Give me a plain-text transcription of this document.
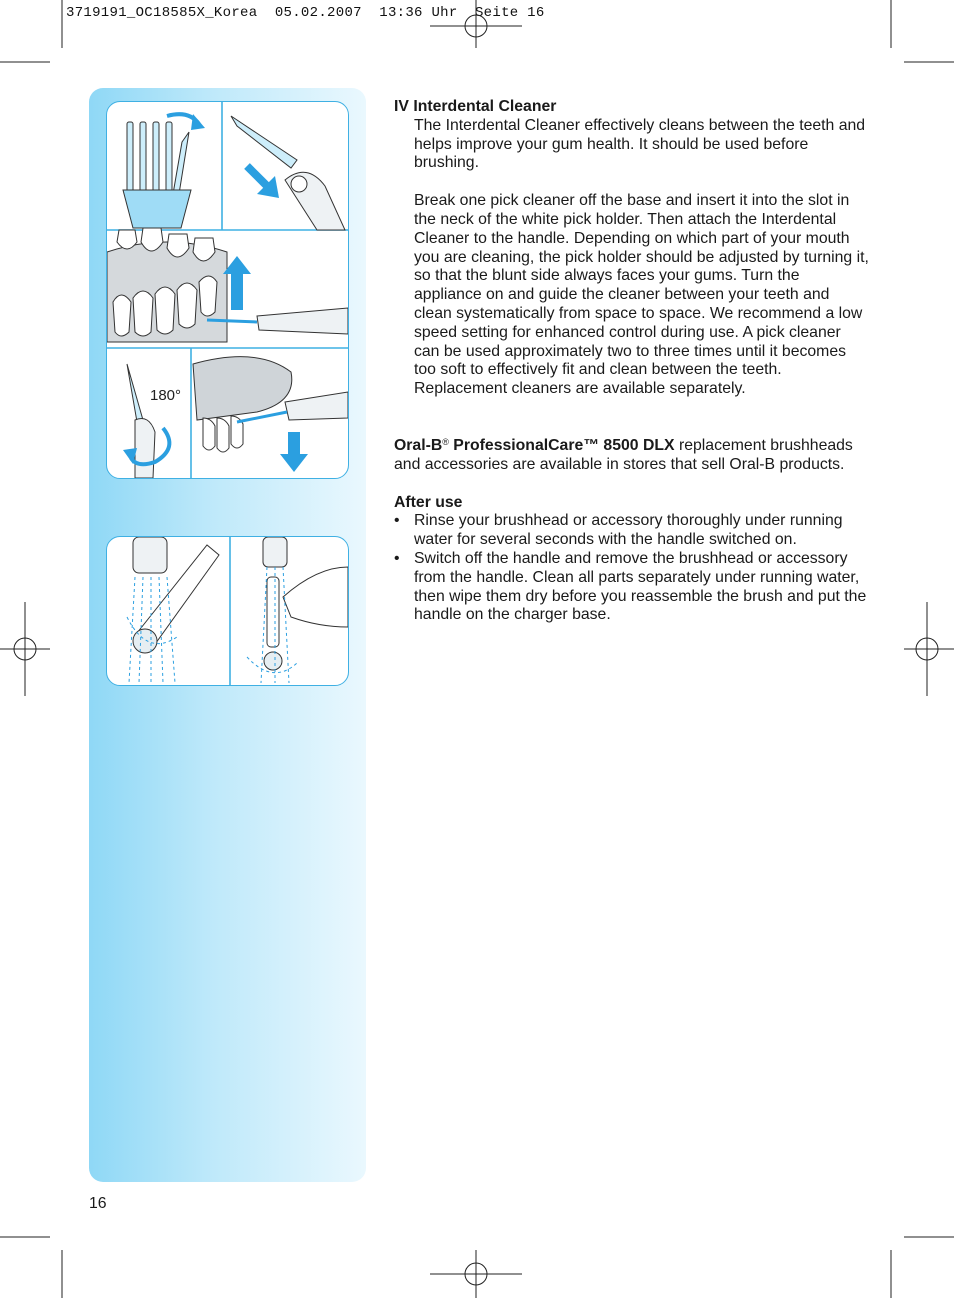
3719191_OC18585X_Korea  05.02.2007  13:36 Uhr  Seite 16
180°
IV Interdental Cleaner

The Interdental Cleaner effectively cleans between the teeth and helps improve your gum health. It should be used before brushing.

Break one pick cleaner off the base and insert it into the slot in the neck of the white pick holder. Then attach the Interdental Cleaner to the handle. Depending on which part of your mouth you are cleaning, the pick holder should be adjusted by turning it, so that the blunt side always faces your gums. Turn the appliance on and guide the cleaner between your teeth and clean systematically from space to space. We recommend a low speed setting for enhanced control during use. A pick cleaner can be used approximately two to three times until it becomes too soft to effectively fit and clean between the teeth. Replacement cleaners are available separately.

Oral-B® ProfessionalCare™ 8500 DLX replacement brushheads and accessories are available in stores that sell Oral-B products.

After use
• Rinse your brushhead or accessory thoroughly under running water for several seconds with the handle switched on.
• Switch off the handle and remove the brushhead or accessory from the handle. Clean all parts separately under running water, then wipe them dry before you reassemble the brush and put the handle on the charger base.
16
